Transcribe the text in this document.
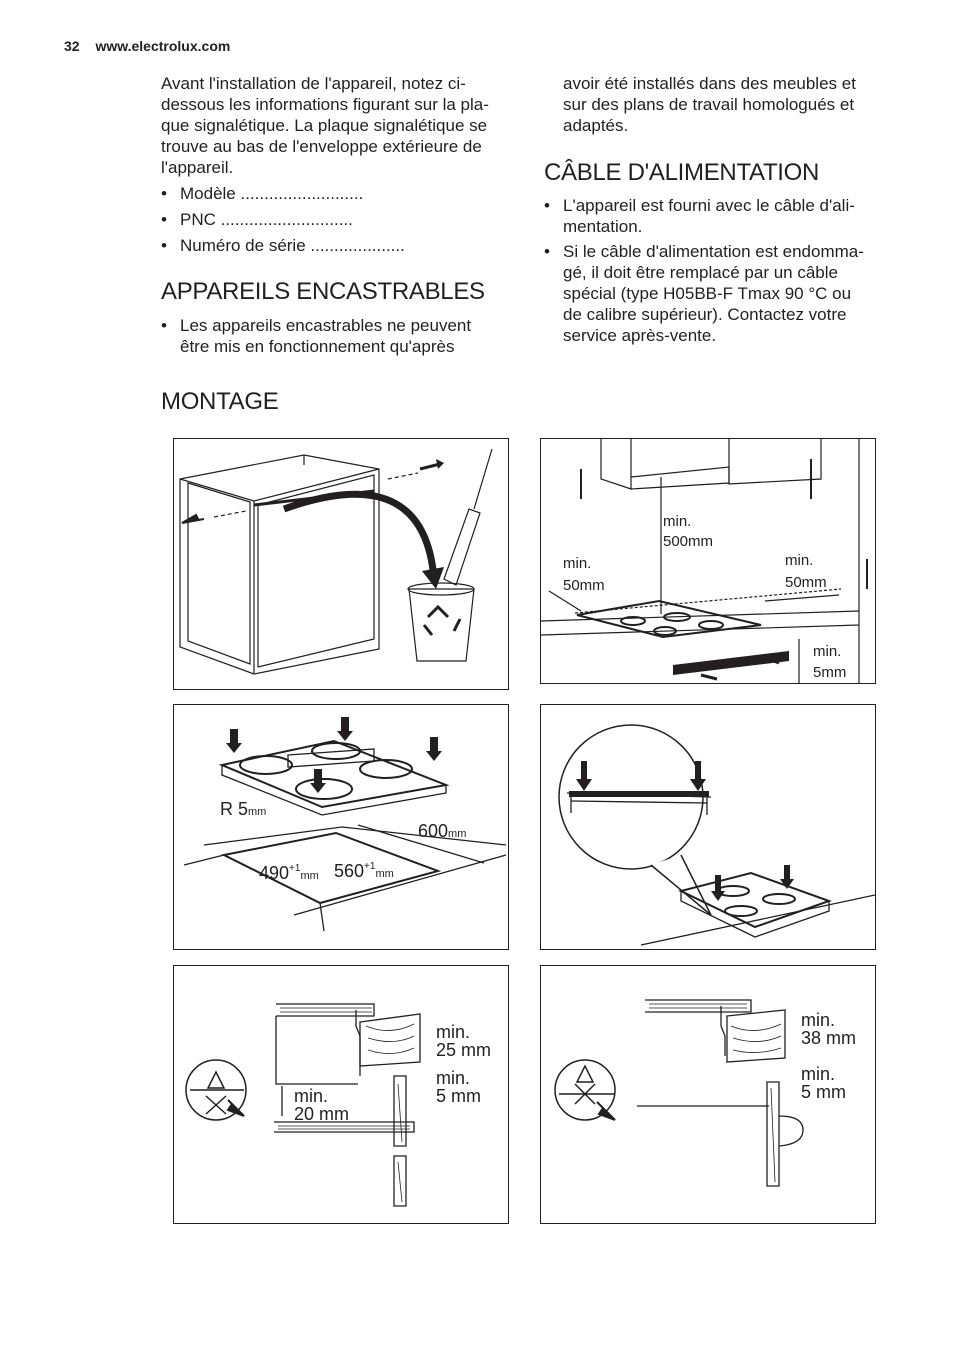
32 www.electrolux.com

Avant l'installation de l'appareil, notez ci-
dessous les informations figurant sur la pla-
que signalétique. La plaque signalétique se
trouve au bas de l'enveloppe extérieure de
l'appareil.

• Modèle ..........................
• PNC ............................
• Numéro de série ....................
APPAREILS ENCASTRABLES
• Les appareils encastrables ne peuvent
être mis en fonctionnement qu'après

avoir été installés dans des meubles et
sur des plans de travail homologués et
adaptés.

CÂBLE D'ALIMENTATION
• L'appareil est fourni avec le câble d'ali-
mentation.
• Si le câble d'alimentation est endomma-
gé, il doit être remplacé par un câble
spécial (type H05BB-F Tmax 90 °C ou
de calibre supérieur). Contactez votre
service après-vente.
MONTAGE
min.
500mm
min.
50mm
min.
50mm
min.
5mm
R 5mm
600mm
$490^{+1}_{mm}$ $560^{+1}_{mm}$
min.
25 mm
min.
5 mm
min.
20 mm
min.
38 mm
min.
5 mm
